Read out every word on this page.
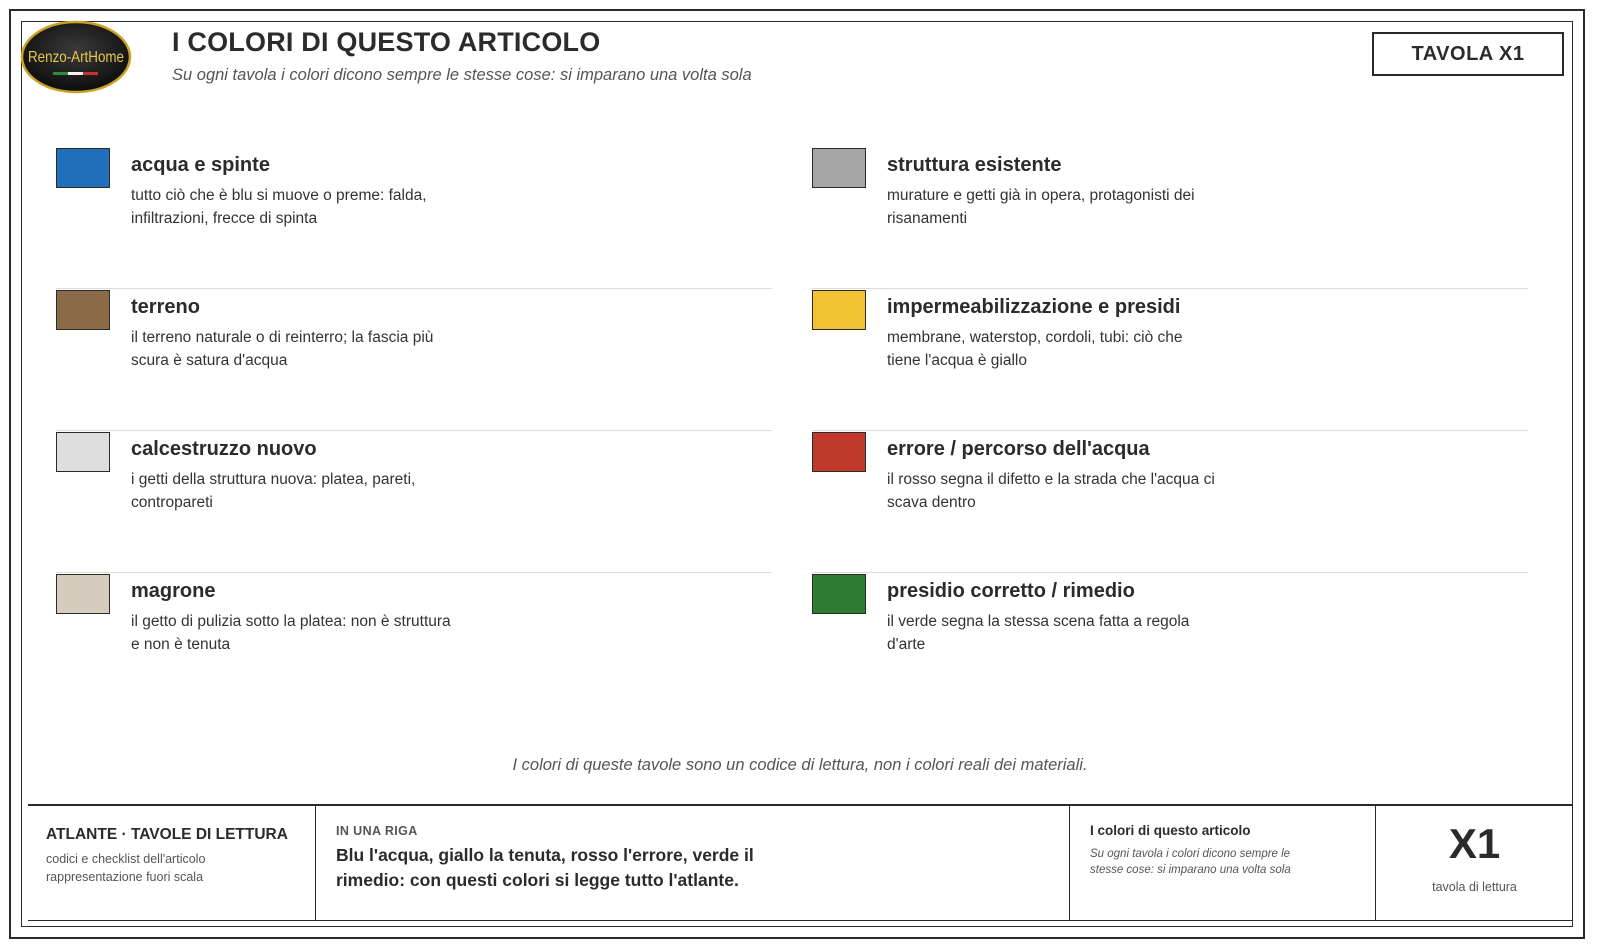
Renzo-ArtHome
I COLORI DI QUESTO ARTICOLO
Su ogni tavola i colori dicono sempre le stesse cose: si imparano una volta sola
TAVOLA X1
acqua e spinte
tutto ciò che è blu si muove o preme: falda, infiltrazioni, frecce di spinta
struttura esistente
murature e getti già in opera, protagonisti dei risanamenti
terreno
il terreno naturale o di reinterro; la fascia più scura è satura d'acqua
impermeabilizzazione e presidi
membrane, waterstop, cordoli, tubi: ciò che tiene l'acqua è giallo
calcestruzzo nuovo
i getti della struttura nuova: platea, pareti, contropareti
errore / percorso dell'acqua
il rosso segna il difetto e la strada che l'acqua ci scava dentro
magrone
il getto di pulizia sotto la platea: non è struttura e non è tenuta
presidio corretto / rimedio
il verde segna la stessa scena fatta a regola d'arte
I colori di queste tavole sono un codice di lettura, non i colori reali dei materiali.
ATLANTE · TAVOLE DI LETTURA
codici e checklist dell'articolo
rappresentazione fuori scala
IN UNA RIGA
Blu l'acqua, giallo la tenuta, rosso l'errore, verde il rimedio: con questi colori si legge tutto l'atlante.
I colori di questo articolo
Su ogni tavola i colori dicono sempre le stesse cose: si imparano una volta sola
X1
tavola di lettura
